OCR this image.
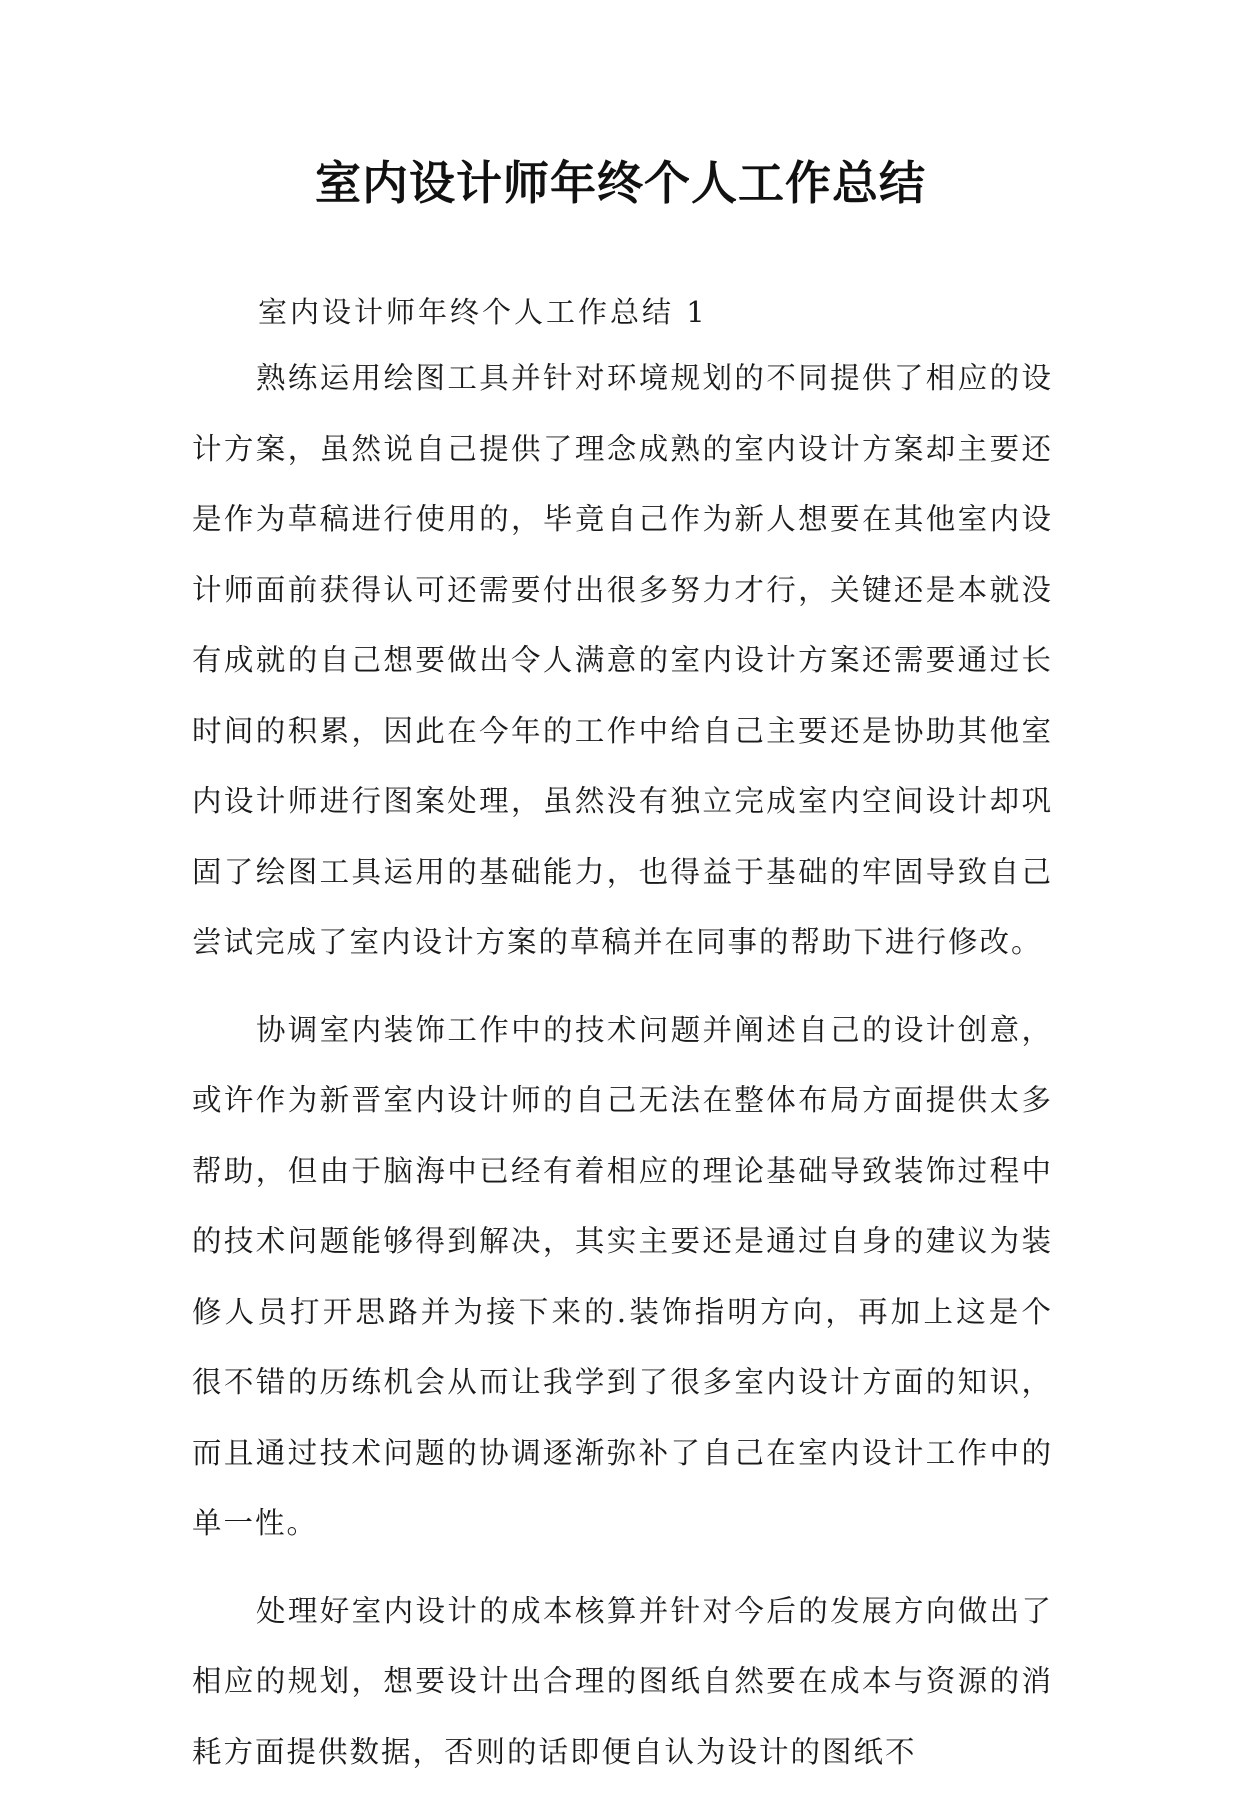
室内设计师年终个人工作总结

室内设计师年终个人工作总结 1

熟练运用绘图工具并针对环境规划的不同提供了相应的设计方案，虽然说自己提供了理念成熟的室内设计方案却主要还是作为草稿进行使用的，毕竟自己作为新人想要在其他室内设计师面前获得认可还需要付出很多努力才行，关键还是本就没有成就的自己想要做出令人满意的室内设计方案还需要通过长时间的积累，因此在今年的工作中给自己主要还是协助其他室内设计师进行图案处理，虽然没有独立完成室内空间设计却巩固了绘图工具运用的基础能力，也得益于基础的牢固导致自己尝试完成了室内设计方案的草稿并在同事的帮助下进行修改。

协调室内装饰工作中的技术问题并阐述自己的设计创意，或许作为新晋室内设计师的自己无法在整体布局方面提供太多帮助，但由于脑海中已经有着相应的理论基础导致装饰过程中的技术问题能够得到解决，其实主要还是通过自身的建议为装修人员打开思路并为接下来的.装饰指明方向，再加上这是个很不错的历练机会从而让我学到了很多室内设计方面的知识，而且通过技术问题的协调逐渐弥补了自己在室内设计工作中的单一性。

处理好室内设计的成本核算并针对今后的发展方向做出了相应的规划，想要设计出合理的图纸自然要在成本与资源的消耗方面提供数据，否则的话即便自认为设计的图纸不
